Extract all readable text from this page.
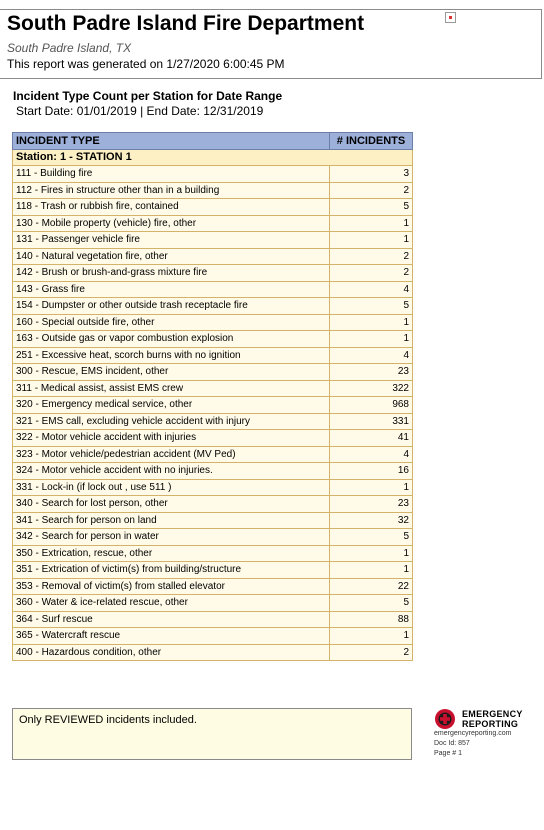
South Padre Island Fire Department
South Padre Island, TX
This report was generated on 1/27/2020 6:00:45 PM
Incident Type Count per Station for Date Range
Start Date: 01/01/2019 | End Date: 12/31/2019
INCIDENT TYPE	# INCIDENTS
Station: 1 - STATION 1	
111 - Building fire	3
112 - Fires in structure other than in a building	2
118 - Trash or rubbish fire, contained	5
130 - Mobile property (vehicle) fire, other	1
131 - Passenger vehicle fire	1
140 - Natural vegetation fire, other	2
142 - Brush or brush-and-grass mixture fire	2
143 - Grass fire	4
154 - Dumpster or other outside trash receptacle fire	5
160 - Special outside fire, other	1
163 - Outside gas or vapor combustion explosion	1
251 - Excessive heat, scorch burns with no ignition	4
300 - Rescue, EMS incident, other	23
311 - Medical assist, assist EMS crew	322
320 - Emergency medical service, other	968
321 - EMS call, excluding vehicle accident with injury	331
322 - Motor vehicle accident with injuries	41
323 - Motor vehicle/pedestrian accident (MV Ped)	4
324 - Motor vehicle accident with no injuries.	16
331 - Lock-in (if lock out , use 511 )	1
340 - Search for lost person, other	23
341 - Search for person on land	32
342 - Search for person in water	5
350 - Extrication, rescue, other	1
351 - Extrication of victim(s) from building/structure	1
353 - Removal of victim(s) from stalled elevator	22
360 - Water & ice-related rescue, other	5
364 - Surf rescue	88
365 - Watercraft rescue	1
400 - Hazardous condition, other	2
Only REVIEWED incidents included.	EMERGENCY
REPORTING
emergencyreporting.com
Doc Id: 857
Page # 1
